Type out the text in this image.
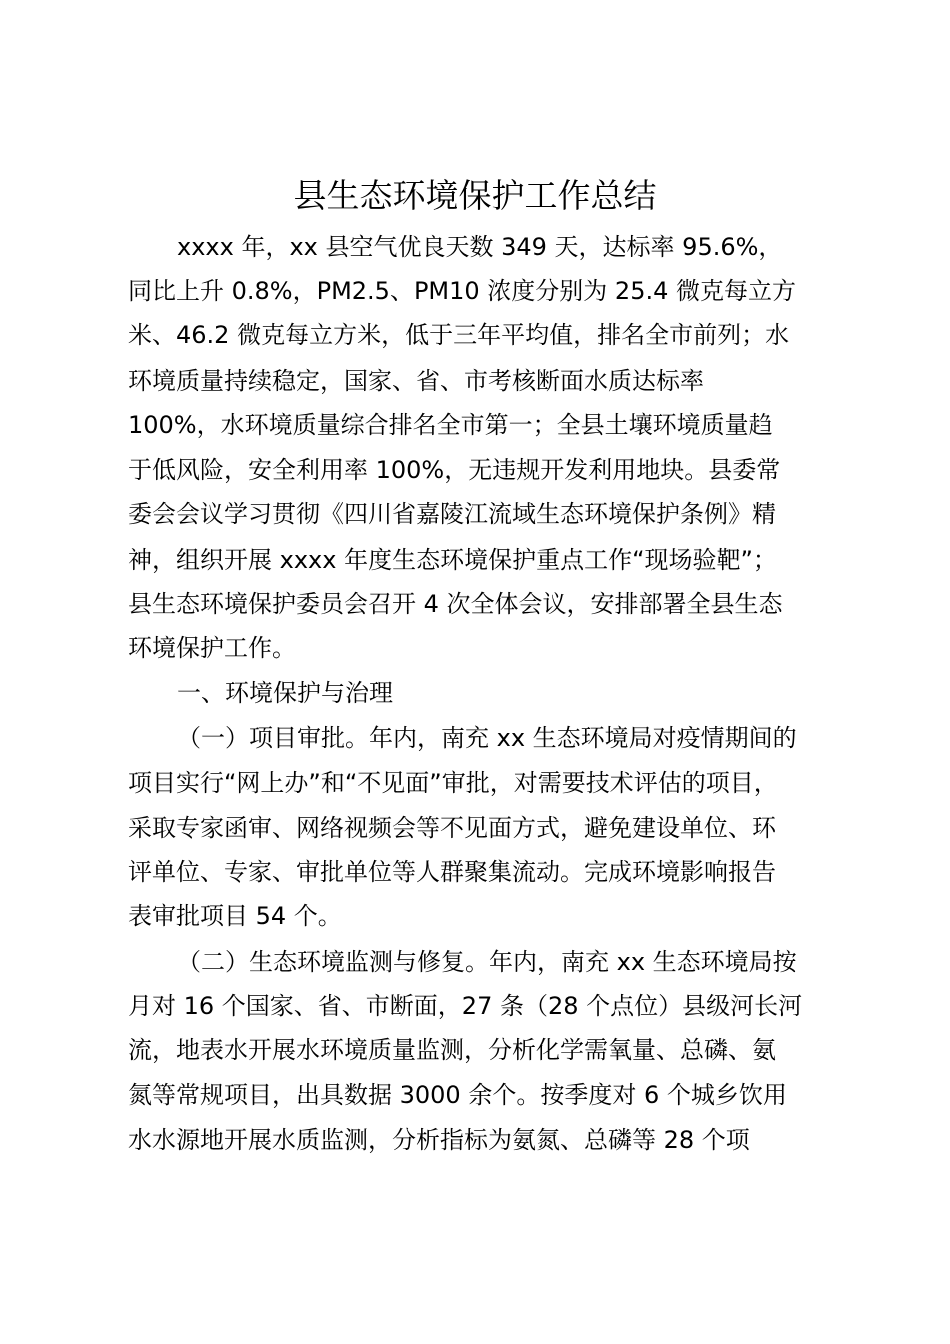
县生态环境保护工作总结
xxxx 年，xx 县空气优良天数 349 天，达标率 95.6%，
同比上升 0.8%，PM2.5、PM10 浓度分别为 25.4 微克每立方
米、46.2 微克每立方米，低于三年平均值，排名全市前列；水
环境质量持续稳定，国家、省、市考核断面水质达标率
100%，水环境质量综合排名全市第一；全县土壤环境质量趋
于低风险，安全利用率 100%，无违规开发利用地块。县委常
委会会议学习贯彻《四川省嘉陵江流域生态环境保护条例》精
神，组织开展 xxxx 年度生态环境保护重点工作“现场验靶”；
县生态环境保护委员会召开 4 次全体会议，安排部署全县生态
环境保护工作。
一、环境保护与治理
（一）项目审批。年内，南充 xx 生态环境局对疫情期间的
项目实行“网上办”和“不见面”审批，对需要技术评估的项目，
采取专家函审、网络视频会等不见面方式，避免建设单位、环
评单位、专家、审批单位等人群聚集流动。完成环境影响报告
表审批项目 54 个。
（二）生态环境监测与修复。年内，南充 xx 生态环境局按
月对 16 个国家、省、市断面，27 条（28 个点位）县级河长河
流，地表水开展水环境质量监测，分析化学需氧量、总磷、氨
氮等常规项目，出具数据 3000 余个。按季度对 6 个城乡饮用
水水源地开展水质监测，分析指标为氨氮、总磷等 28 个项
